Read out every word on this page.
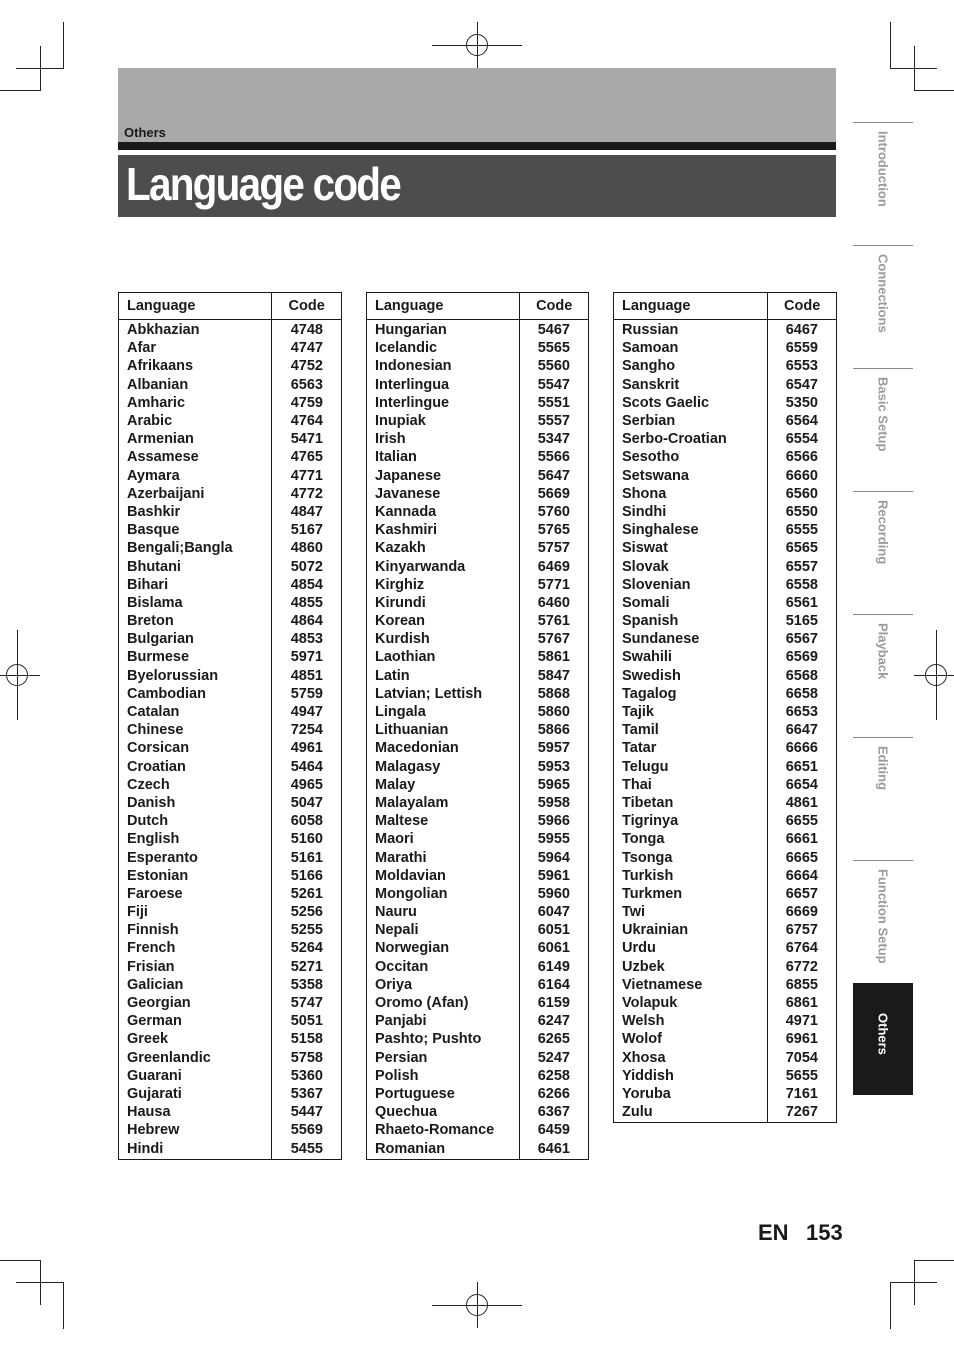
Others
Language code
Language	Code
Abkhazian	4748
Afar	4747
Afrikaans	4752
Albanian	6563
Amharic	4759
Arabic	4764
Armenian	5471
Assamese	4765
Aymara	4771
Azerbaijani	4772
Bashkir	4847
Basque	5167
Bengali;Bangla	4860
Bhutani	5072
Bihari	4854
Bislama	4855
Breton	4864
Bulgarian	4853
Burmese	5971
Byelorussian	4851
Cambodian	5759
Catalan	4947
Chinese	7254
Corsican	4961
Croatian	5464
Czech	4965
Danish	5047
Dutch	6058
English	5160
Esperanto	5161
Estonian	5166
Faroese	5261
Fiji	5256
Finnish	5255
French	5264
Frisian	5271
Galician	5358
Georgian	5747
German	5051
Greek	5158
Greenlandic	5758
Guarani	5360
Gujarati	5367
Hausa	5447
Hebrew	5569
Hindi	5455
Language	Code
Hungarian	5467
Icelandic	5565
Indonesian	5560
Interlingua	5547
Interlingue	5551
Inupiak	5557
Irish	5347
Italian	5566
Japanese	5647
Javanese	5669
Kannada	5760
Kashmiri	5765
Kazakh	5757
Kinyarwanda	6469
Kirghiz	5771
Kirundi	6460
Korean	5761
Kurdish	5767
Laothian	5861
Latin	5847
Latvian; Lettish	5868
Lingala	5860
Lithuanian	5866
Macedonian	5957
Malagasy	5953
Malay	5965
Malayalam	5958
Maltese	5966
Maori	5955
Marathi	5964
Moldavian	5961
Mongolian	5960
Nauru	6047
Nepali	6051
Norwegian	6061
Occitan	6149
Oriya	6164
Oromo (Afan)	6159
Panjabi	6247
Pashto; Pushto	6265
Persian	5247
Polish	6258
Portuguese	6266
Quechua	6367
Rhaeto-Romance	6459
Romanian	6461
Language	Code
Russian	6467
Samoan	6559
Sangho	6553
Sanskrit	6547
Scots Gaelic	5350
Serbian	6564
Serbo-Croatian	6554
Sesotho	6566
Setswana	6660
Shona	6560
Sindhi	6550
Singhalese	6555
Siswat	6565
Slovak	6557
Slovenian	6558
Somali	6561
Spanish	5165
Sundanese	6567
Swahili	6569
Swedish	6568
Tagalog	6658
Tajik	6653
Tamil	6647
Tatar	6666
Telugu	6651
Thai	6654
Tibetan	4861
Tigrinya	6655
Tonga	6661
Tsonga	6665
Turkish	6664
Turkmen	6657
Twi	6669
Ukrainian	6757
Urdu	6764
Uzbek	6772
Vietnamese	6855
Volapuk	6861
Welsh	4971
Wolof	6961
Xhosa	7054
Yiddish	5655
Yoruba	7161
Zulu	7267
Introduction
Connections
Basic Setup
Recording
Playback
Editing
Function Setup
Others
EN 153
